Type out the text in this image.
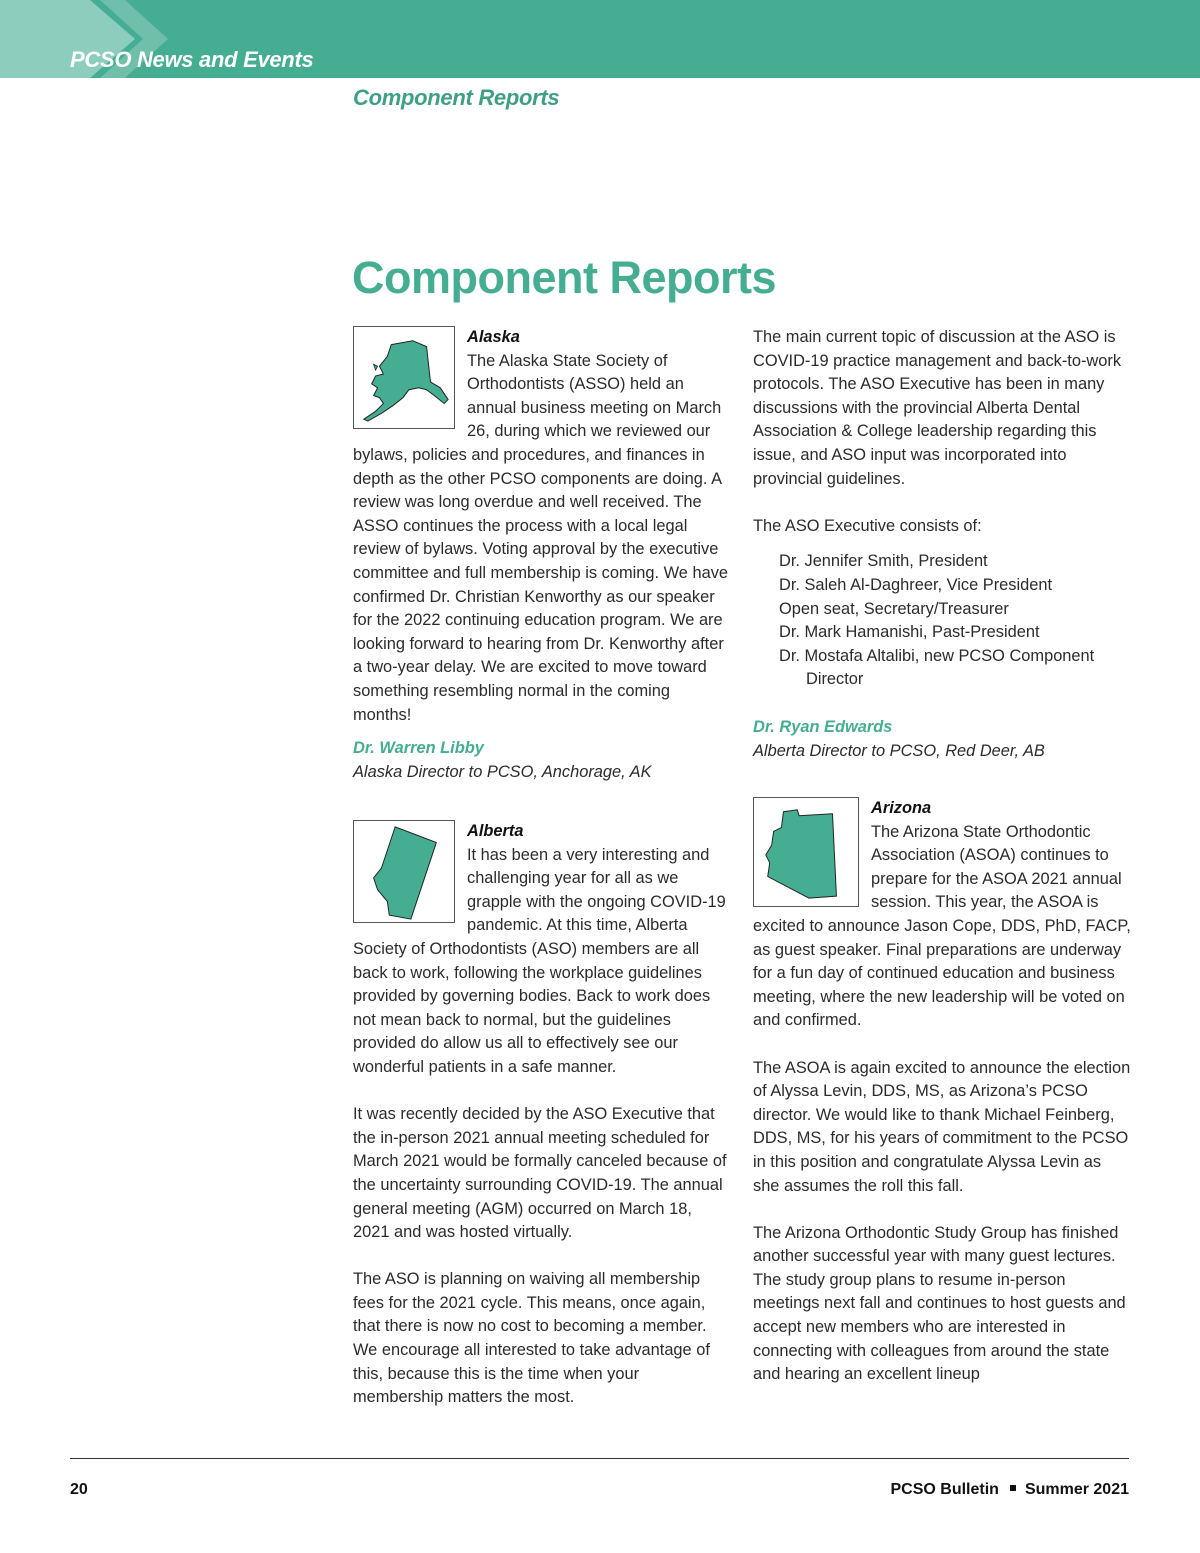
PCSO News and Events
Component Reports
Component Reports

Alaska

The Alaska State Society of Orthodontists (ASSO) held an annual business meeting on March 26, during which we reviewed our bylaws, policies and procedures, and finances in depth as the other PCSO components are doing. A review was long overdue and well received. The ASSO continues the process with a local legal review of bylaws. Voting approval by the executive committee and full membership is coming. We have confirmed Dr. Christian Kenworthy as our speaker for the 2022 continuing education program. We are looking forward to hearing from Dr. Kenworthy after a two-year delay. We are excited to move toward something resembling normal in the coming months!

Dr. Warren Libby

Alaska Director to PCSO, Anchorage, AK

Alberta

It has been a very interesting and challenging year for all as we grapple with the ongoing COVID-19 pandemic. At this time, Alberta Society of Orthodontists (ASO) members are all back to work, following the workplace guidelines provided by governing bodies. Back to work does not mean back to normal, but the guidelines provided do allow us all to effectively see our wonderful patients in a safe manner.

It was recently decided by the ASO Executive that the in-person 2021 annual meeting scheduled for March 2021 would be formally canceled because of the uncertainty surrounding COVID-19. The annual general meeting (AGM) occurred on March 18, 2021 and was hosted virtually.

The ASO is planning on waiving all membership fees for the 2021 cycle. This means, once again, that there is now no cost to becoming a member. We encourage all interested to take advantage of this, because this is the time when your membership matters the most.

The main current topic of discussion at the ASO is COVID-19 practice management and back-to-work protocols. The ASO Executive has been in many discussions with the provincial Alberta Dental Association & College leadership regarding this issue, and ASO input was incorporated into provincial guidelines.

The ASO Executive consists of:

Dr. Jennifer Smith, President
Dr. Saleh Al-Daghreer, Vice President
Open seat, Secretary/Treasurer
Dr. Mark Hamanishi, Past-President
Dr. Mostafa Altalibi, new PCSO Component Director

Dr. Ryan Edwards

Alberta Director to PCSO, Red Deer, AB

Arizona

The Arizona State Orthodontic Association (ASOA) continues to prepare for the ASOA 2021 annual session. This year, the ASOA is excited to announce Jason Cope, DDS, PhD, FACP, as guest speaker. Final preparations are underway for a fun day of continued education and business meeting, where the new leadership will be voted on and confirmed.

The ASOA is again excited to announce the election of Alyssa Levin, DDS, MS, as Arizona’s PCSO director. We would like to thank Michael Feinberg, DDS, MS, for his years of commitment to the PCSO in this position and congratulate Alyssa Levin as she assumes the roll this fall.

The Arizona Orthodontic Study Group has finished another successful year with many guest lectures. The study group plans to resume in-person meetings next fall and continues to host guests and accept new members who are interested in connecting with colleagues from around the state and hearing an excellent lineup

20	PCSO Bulletin Summer 2021
